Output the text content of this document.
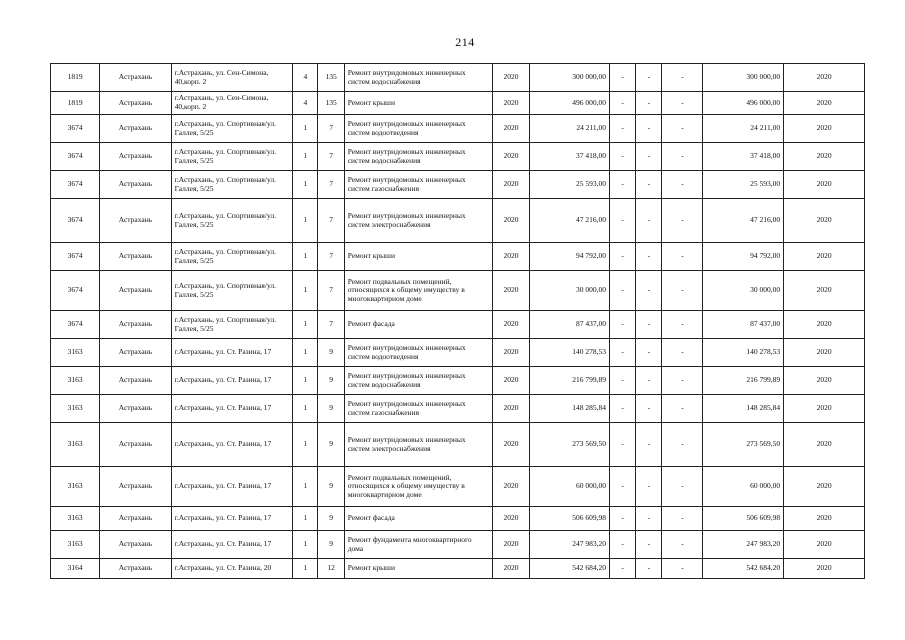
214
1819	Астрахань	г.Астрахань, ул. Сен-Симона, 40,корп. 2	4	135	Ремонт внутридомовых инженерных систем водоснабжения	2020	300 000,00	-	-	-	300 000,00	2020
1819	Астрахань	г.Астрахань, ул. Сен-Симона, 40,корп. 2	4	135	Ремонт крыши	2020	496 000,00	-	-	-	496 000,00	2020
3674	Астрахань	г.Астрахань, ул. Спортивная/ул. Галлея, 5/25	1	7	Ремонт внутридомовых инженерных систем водоотведения	2020	24 211,00	-	-	-	24 211,00	2020
3674	Астрахань	г.Астрахань, ул. Спортивная/ул. Галлея, 5/25	1	7	Ремонт внутридомовых инженерных систем водоснабжения	2020	37 418,00	-	-	-	37 418,00	2020
3674	Астрахань	г.Астрахань, ул. Спортивная/ул. Галлея, 5/25	1	7	Ремонт внутридомовых инженерных систем газоснабжения	2020	25 593,00	-	-	-	25 593,00	2020
3674	Астрахань	г.Астрахань, ул. Спортивная/ул. Галлея, 5/25	1	7	Ремонт внутридомовых инженерных систем электроснабжения	2020	47 216,00	-	-	-	47 216,00	2020
3674	Астрахань	г.Астрахань, ул. Спортивная/ул. Галлея, 5/25	1	7	Ремонт крыши	2020	94 792,00	-	-	-	94 792,00	2020
3674	Астрахань	г.Астрахань, ул. Спортивная/ул. Галлея, 5/25	1	7	Ремонт подвальных помещений, относящихся к общему имуществу в многоквартирном доме	2020	30 000,00	-	-	-	30 000,00	2020
3674	Астрахань	г.Астрахань, ул. Спортивная/ул. Галлея, 5/25	1	7	Ремонт фасада	2020	87 437,00	-	-	-	87 437,00	2020
3163	Астрахань	г.Астрахань, ул. Ст. Разина, 17	1	9	Ремонт внутридомовых инженерных систем водоотведения	2020	140 278,53	-	-	-	140 278,53	2020
3163	Астрахань	г.Астрахань, ул. Ст. Разина, 17	1	9	Ремонт внутридомовых инженерных систем водоснабжения	2020	216 799,89	-	-	-	216 799,89	2020
3163	Астрахань	г.Астрахань, ул. Ст. Разина, 17	1	9	Ремонт внутридомовых инженерных систем газоснабжения	2020	148 285,84	-	-	-	148 285,84	2020
3163	Астрахань	г.Астрахань, ул. Ст. Разина, 17	1	9	Ремонт внутридомовых инженерных систем электроснабжения	2020	273 569,50	-	-	-	273 569,50	2020
3163	Астрахань	г.Астрахань, ул. Ст. Разина, 17	1	9	Ремонт подвальных помещений, относящихся к общему имуществу в многоквартирном доме	2020	60 000,00	-	-	-	60 000,00	2020
3163	Астрахань	г.Астрахань, ул. Ст. Разина, 17	1	9	Ремонт фасада	2020	506 609,98	-	-	-	506 609,98	2020
3163	Астрахань	г.Астрахань, ул. Ст. Разина, 17	1	9	Ремонт фундамента многоквартирного дома	2020	247 983,20	-	-	-	247 983,20	2020
3164	Астрахань	г.Астрахань, ул. Ст. Разина, 20	1	12	Ремонт крыши	2020	542 684,20	-	-	-	542 684,20	2020
